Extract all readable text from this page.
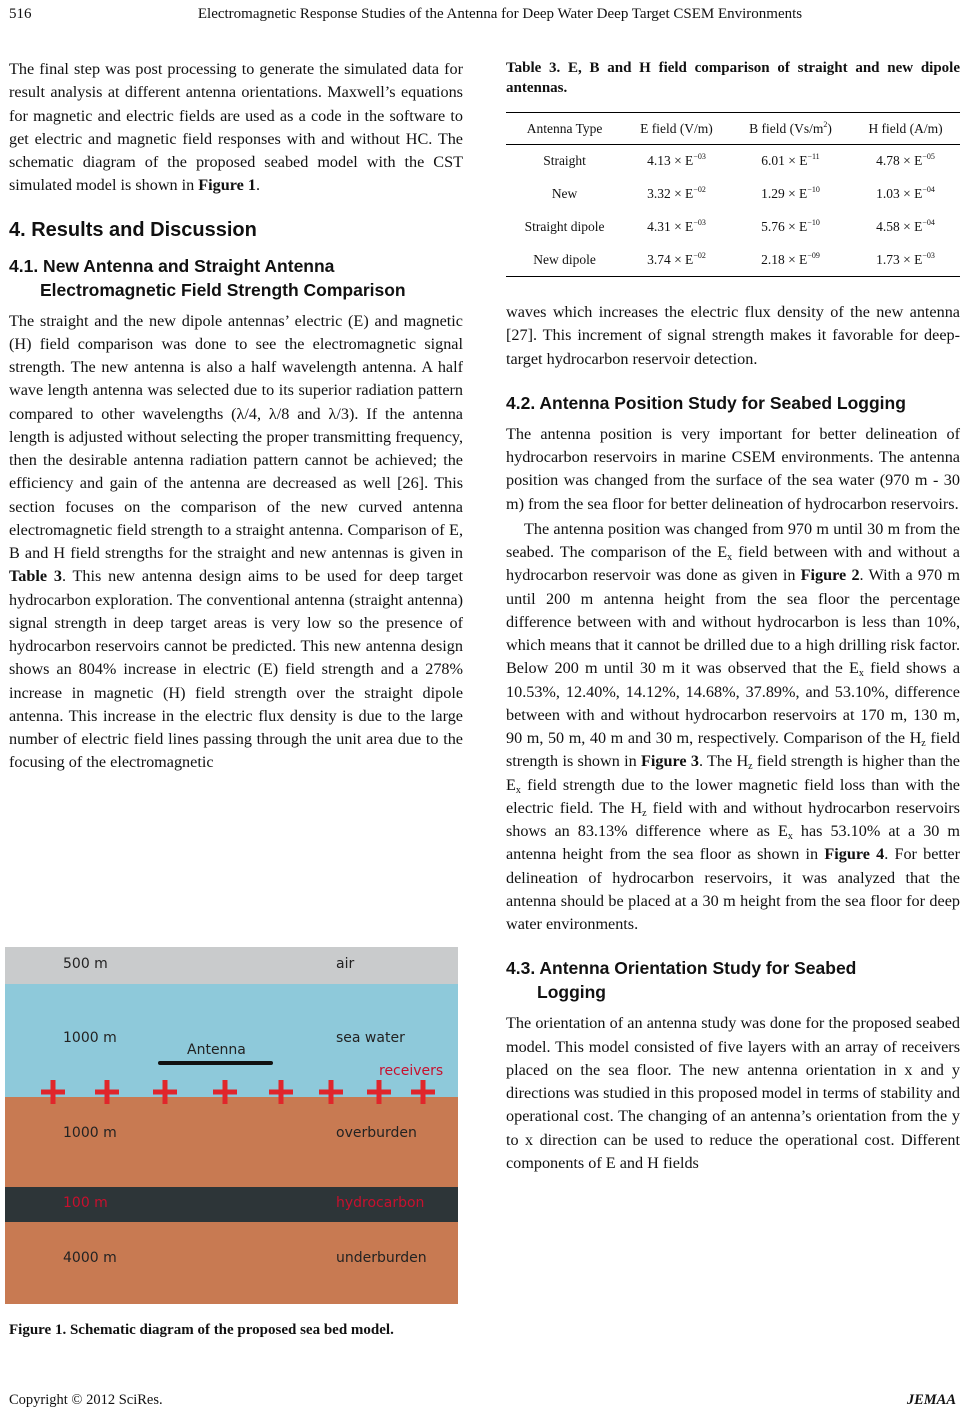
516	Electromagnetic Response Studies of the Antenna for Deep Water Deep Target CSEM Environments

The final step was post processing to generate the simulated data for result analysis at different antenna orientations. Maxwell’s equations for magnetic and electric fields are used as a code in the software to get electric and magnetic field responses with and without HC. The schematic diagram of the proposed seabed model with the CST simulated model is shown in Figure 1.

4. Results and Discussion
4.1. New Antenna and Straight Antenna
Electromagnetic Field Strength Comparison

The straight and the new dipole antennas’ electric (E) and magnetic (H) field comparison was done to see the electromagnetic signal strength. The new antenna is also a half wavelength antenna. A half wave length antenna was selected due to its superior radiation pattern compared to other wavelengths (λ/4, λ/8 and λ/3). If the antenna length is adjusted without selecting the proper transmitting frequency, then the desirable antenna radiation pattern cannot be achieved; the efficiency and gain of the antenna are decreased as well [26]. This section focuses on the comparison of the new curved antenna electromagnetic field strength to a straight antenna. Comparison of E, B and H field strengths for the straight and new antennas is given in Table 3. This new antenna design aims to be used for deep target hydrocarbon exploration. The conventional antenna (straight antenna) signal strength in deep target areas is very low so the presence of hydrocarbon reservoirs cannot be predicted. This new antenna design shows an 804% increase in electric (E) field strength and a 278% increase in magnetic (H) field strength over the straight dipole antenna. This increase in the electric flux density is due to the large number of electric field lines passing through the unit area due to the focusing of the electromagnetic

500 m	air
1000 m	sea water
Antenna
receivers
1000 m	overburden
100 m	hydrocarbon
4000 m	underburden
Figure 1. Schematic diagram of the proposed sea bed model.
Table 3. E, B and H field comparison of straight and new dipole antennas.
Antenna Type	E field (V/m)	B field $(Vs/m^2)$	H field (A/m)
Straight	$4.13 \times E^{-03}$	$6.01 \times E^{-11}$	$4.78 \times E^{-05}$
New	$3.32 \times E^{-02}$	$1.29 \times E^{-10}$	$1.03 \times E^{-04}$
Straight dipole	$4.31 \times E^{-03}$	$5.76 \times E^{-10}$	$4.58 \times E^{-04}$
New dipole	$3.74 \times E^{-02}$	$2.18 \times E^{-09}$	$1.73 \times E^{-03}$

waves which increases the electric flux density of the new antenna [27]. This increment of signal strength makes it favorable for deep-target hydrocarbon reservoir detection.

4.2. Antenna Position Study for Seabed Logging

The antenna position is very important for better delineation of hydrocarbon reservoirs in marine CSEM environments. The antenna position was changed from the surface of the sea water (970 m - 30 m) from the sea floor for better delineation of hydrocarbon reservoirs.

The antenna position was changed from 970 m until 30 m from the seabed. The comparison of the $E_x$ field between with and without a hydrocarbon reservoir was done as given in Figure 2. With a 970 m until 200 m antenna height from the sea floor the percentage difference between with and without hydrocarbon is less than 10%, which means that it cannot be drilled due to a high drilling risk factor. Below 200 m until 30 m it was observed that the $E_x$ field shows a 10.53%, 12.40%, 14.12%, 14.68%, 37.89%, and 53.10%, difference between with and without hydrocarbon reservoirs at 170 m, 130 m, 90 m, 50 m, 40 m and 30 m, respectively. Comparison of the $H_z$ field strength is shown in Figure 3. The $H_z$ field strength is higher than the $E_x$ field strength due to the lower magnetic field loss than with the electric field. The $H_z$ field with and without hydrocarbon reservoirs shows an 83.13% difference where as $E_x$ has 53.10% at a 30 m antenna height from the sea floor as shown in Figure 4. For better delineation of hydrocarbon reservoirs, it was analyzed that the antenna should be placed at a 30 m height from the sea floor for deep water environments.

4.3. Antenna Orientation Study for Seabed
Logging

The orientation of an antenna study was done for the proposed seabed model. This model consisted of five layers with an array of receivers placed on the sea floor. The new antenna orientation in x and y directions was studied in this proposed model in terms of stability and operational cost. The changing of an antenna’s orientation from the y to x direction can be used to reduce the operational cost. Different components of E and H fields

Copyright © 2012 SciRes.	JEMAA
